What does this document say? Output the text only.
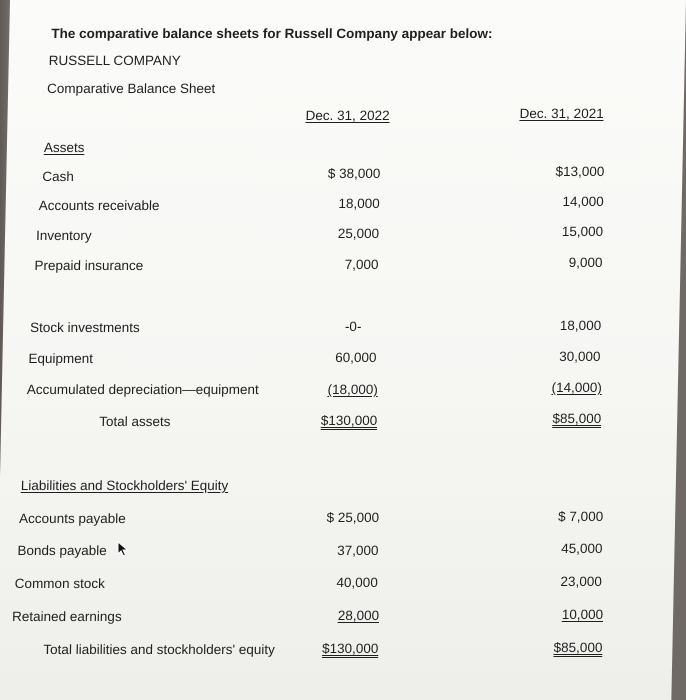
The comparative balance sheets for Russell Company appear below:
RUSSELL COMPANY
Comparative Balance Sheet
Dec. 31, 2022	Dec. 31, 2021
Assets
Cash	$ 38,000	$13,000
Accounts receivable	18,000	14,000
Inventory	25,000	15,000
Prepaid insurance	7,000	9,000
Stock investments	-0-	18,000
Equipment	60,000	30,000
Accumulated depreciation—equipment	(18,000)	(14,000)
Total assets	$130,000	$85,000
Liabilities and Stockholders' Equity
Accounts payable	$ 25,000	$ 7,000
Bonds payable	37,000	45,000
Common stock	40,000	23,000
Retained earnings	28,000	10,000
Total liabilities and stockholders' equity	$130,000	$85,000
